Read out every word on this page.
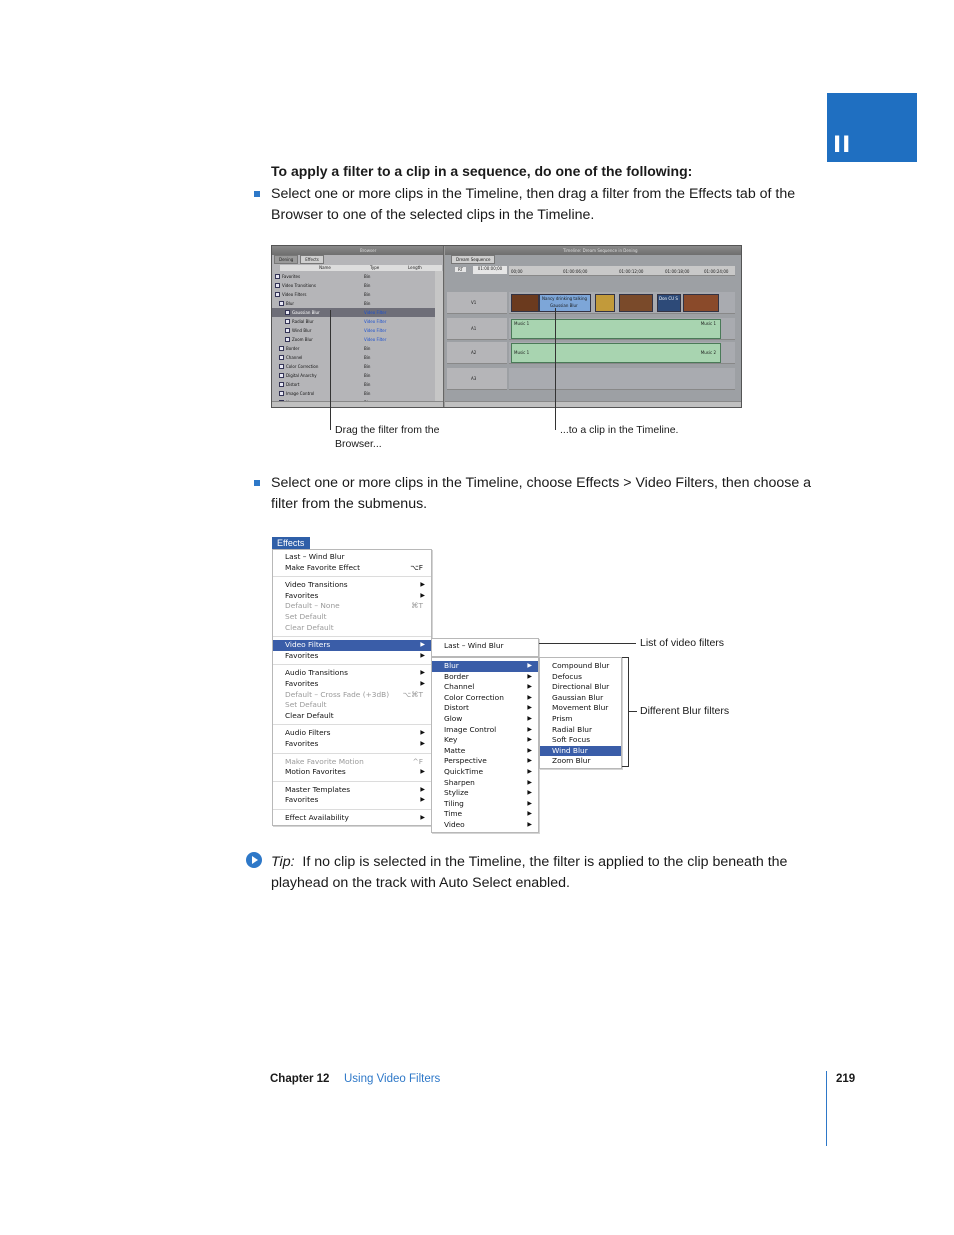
II
To apply a filter to a clip in a sequence, do one of the following:
Select one or more clips in the Timeline, then drag a filter from the Effects tab of the Browser to one of the selected clips in the Timeline.
Browser
Dening	Effects
Name	Type	Length
Favorites	Bin
Video Transitions	Bin
Video Filters	Bin
Blur	Bin
Gaussian Blur	Video Filter
Radial Blur	Video Filter
Wind Blur	Video Filter
Zoom Blur	Video Filter
Border	Bin
Channel	Bin
Color Correction	Bin
Digital Anarchy	Bin
Distort	Bin
Image Control	Bin
Timeline: Dream Sequence in Dening
Dream Sequence
RT	01:00:00;00
00;00	01:00:06;00	01:00:12;00	01:00:18;00	01:00:24;00
V1
Nancy drinking talking
Gaussian Blur
Don CU S
A1
Music 1	Music 1
A2	Music 1	Music 2
A3
Drag the filter from the Browser...
...to a clip in the Timeline.
Select one or more clips in the Timeline, choose Effects > Video Filters, then choose a filter from the submenus.
Effects
Last – Wind Blur
Make Favorite Effect	⌥F
Video Transitions	▶
Favorites	▶
Default – None	⌘T
Set Default
Clear Default
Video Filters	▶
Favorites	▶
Audio Transitions	▶
Favorites	▶
Default – Cross Fade (+3dB) ⌥⌘T
Set Default
Clear Default
Audio Filters	▶
Favorites	▶
Make Favorite Motion	^F
Motion Favorites	▶
Master Templates	▶
Favorites	▶
Effect Availability	▶
Last – Wind Blur
Blur	▶
Border	▶
Channel	▶
Color Correction	▶
Distort	▶
Glow	▶
Image Control	▶
Key	▶
Matte	▶
Perspective	▶
QuickTime	▶
Sharpen	▶
Stylize	▶
Tiling	▶
Time	▶
Video	▶
Compound Blur
Defocus
Directional Blur
Gaussian Blur
Movement Blur
Prism
Radial Blur
Soft Focus
Wind Blur
Zoom Blur
List of video filters
Different Blur filters
Tip: If no clip is selected in the Timeline, the filter is applied to the clip beneath the playhead on the track with Auto Select enabled.
Chapter 12 Using Video Filters	219
